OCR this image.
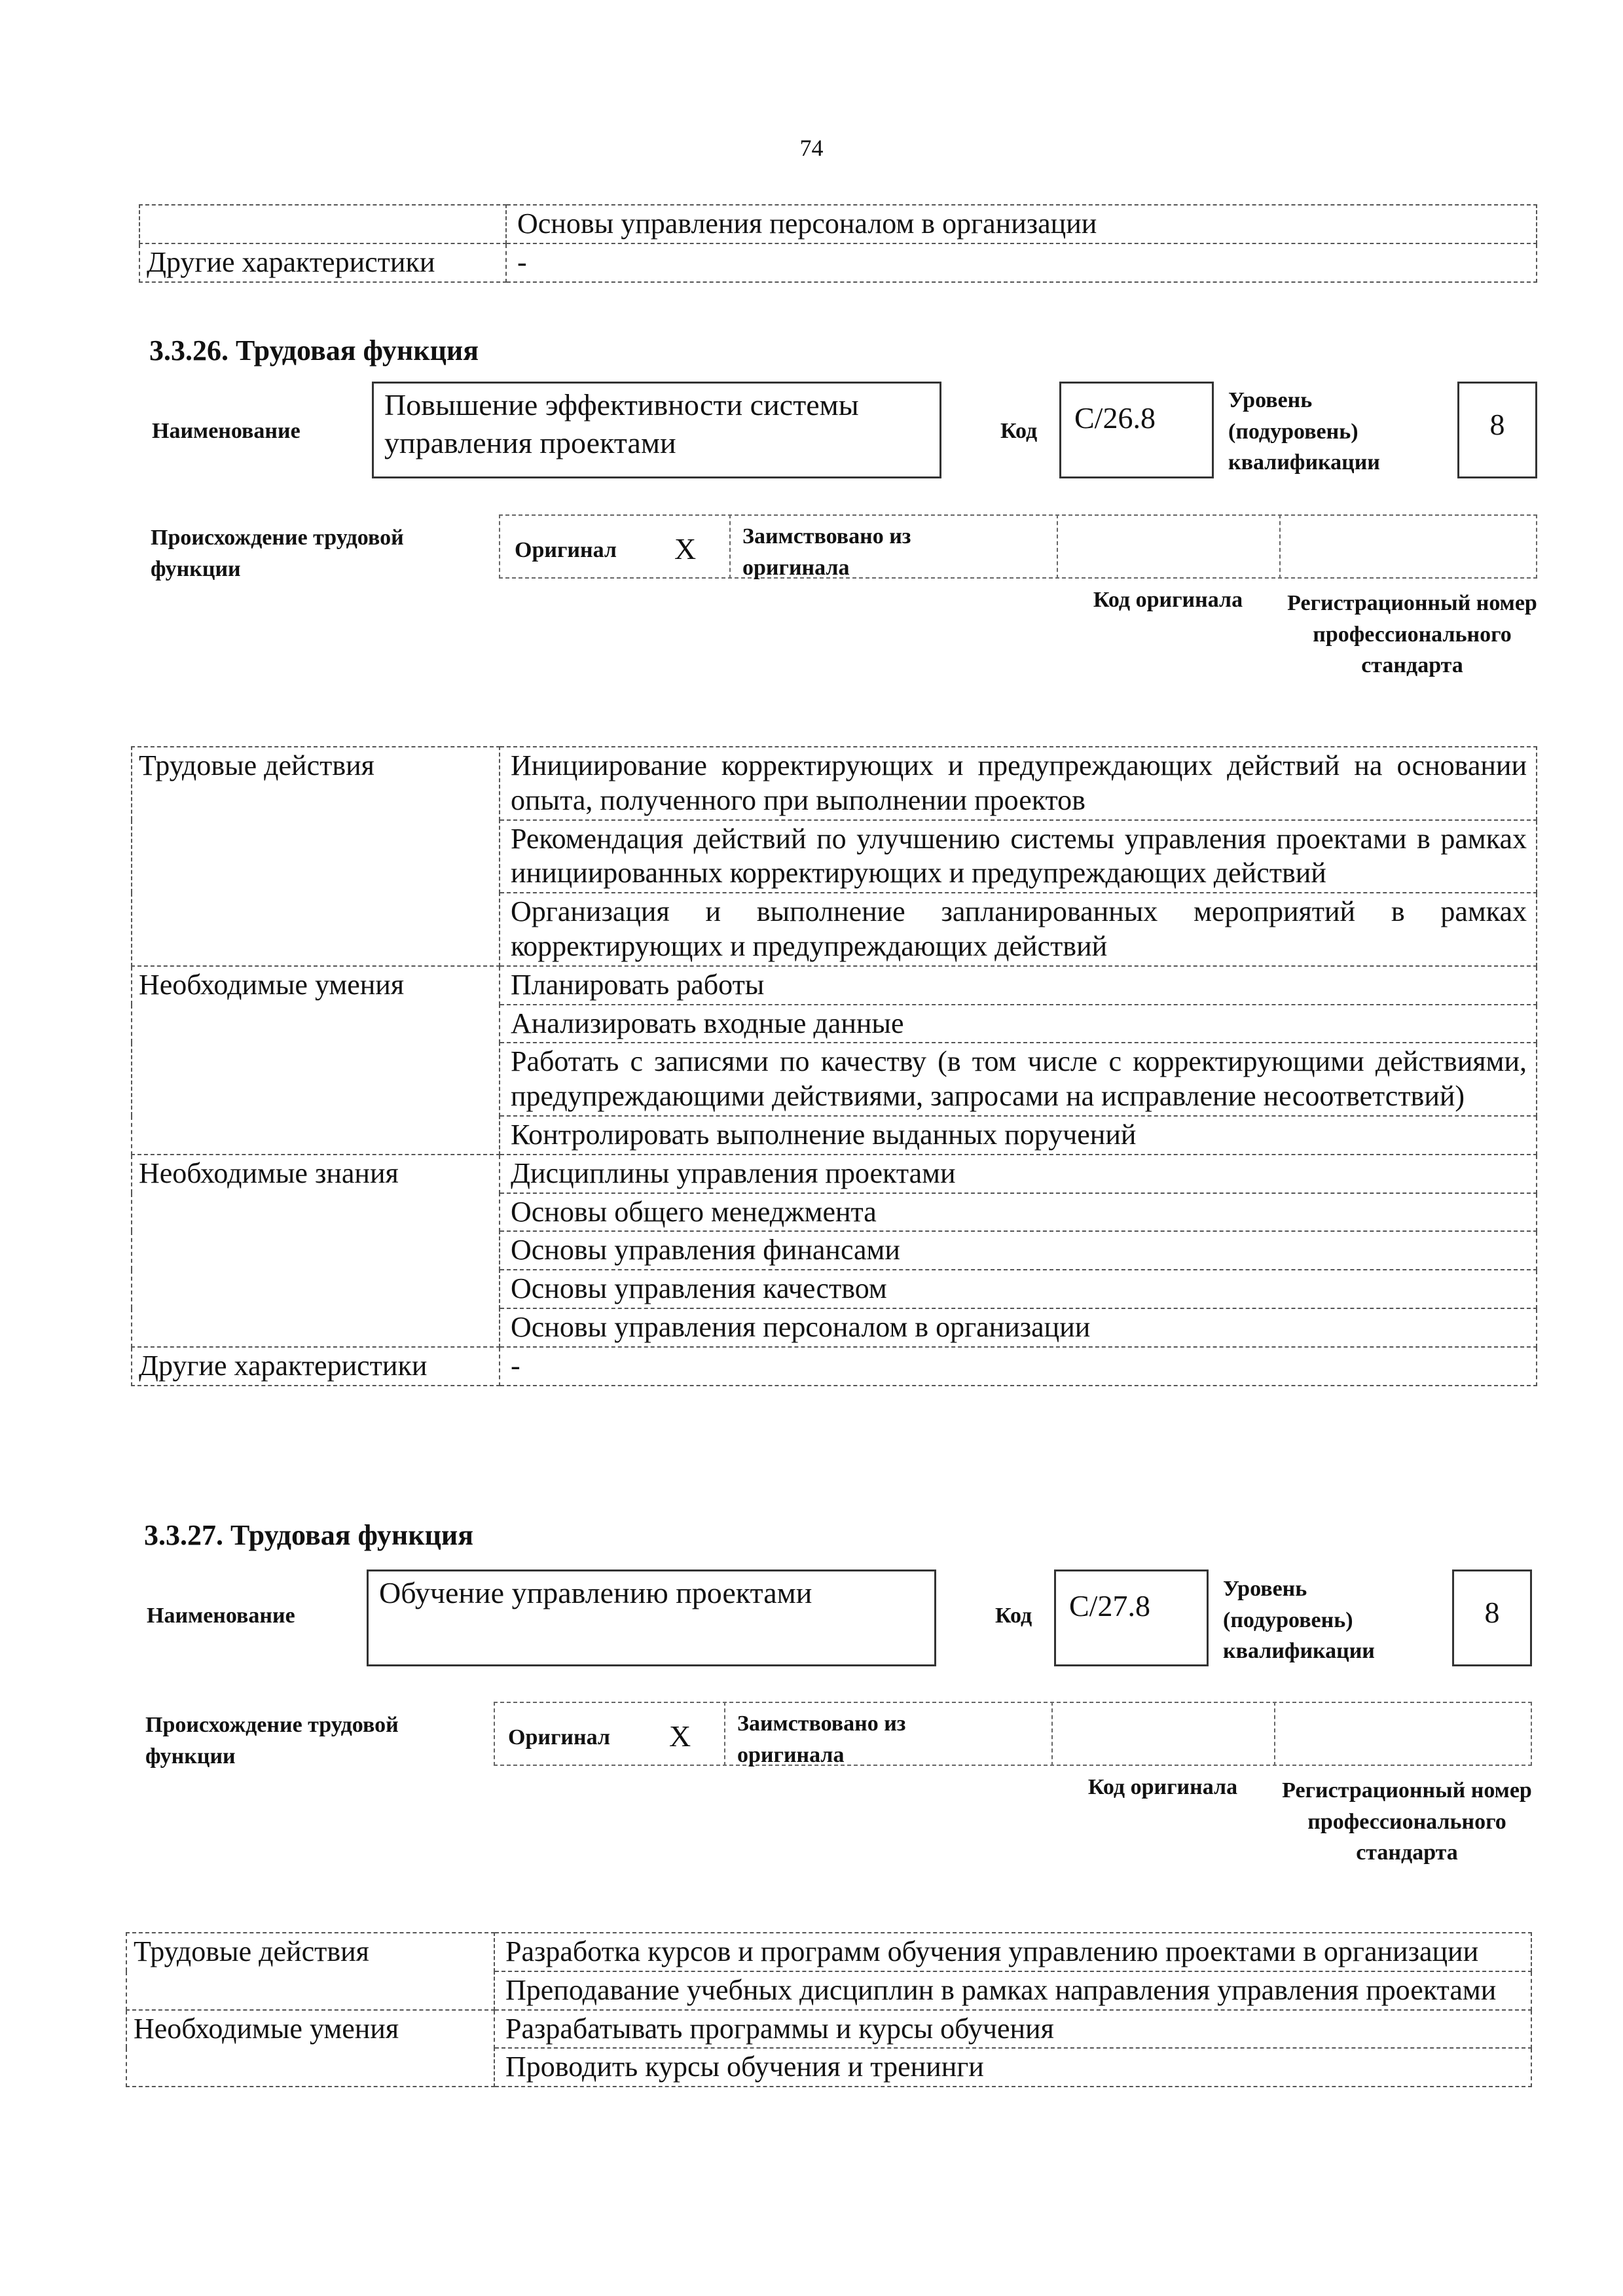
74
	Основы управления персоналом в организации
Другие характеристики	-
3.3.26. Трудовая функция
Наименование
Повышение эффективности системы управления проектами	Код	C/26.8
Уровень (подуровень) квалификации
8
Происхождение трудовой функции
Оригинал X Заимствовано из оригинала
Код оригинала	Регистрационный номер профессионального стандарта
Трудовые действия	Инициирование корректирующих и предупреждающих действий на основании опыта, полученного при выполнении проектов
	Рекомендация действий по улучшению системы управления проектами в рамках инициированных корректирующих и предупреждающих действий
	Организация и выполнение запланированных мероприятий в рамках корректирующих и предупреждающих действий
Необходимые умения	Планировать работы
	Анализировать входные данные
	Работать с записями по качеству (в том числе с корректирующими действиями, предупреждающими действиями, запросами на исправление несоответствий)
	Контролировать выполнение выданных поручений
Необходимые знания	Дисциплины управления проектами
	Основы общего менеджмента
	Основы управления финансами
	Основы управления качеством
	Основы управления персоналом в организации
Другие характеристики	-
3.3.27. Трудовая функция
Наименование
Обучение управлению проектами
Код	C/27.8
Уровень (подуровень) квалификации
8
Происхождение трудовой функции
Оригинал X Заимствовано из оригинала
Код оригинала	Регистрационный номер профессионального стандарта
Трудовые действия	Разработка курсов и программ обучения управлению проектами в организации
	Преподавание учебных дисциплин в рамках направления управления проектами
Необходимые умения	Разрабатывать программы и курсы обучения
	Проводить курсы обучения и тренинги
